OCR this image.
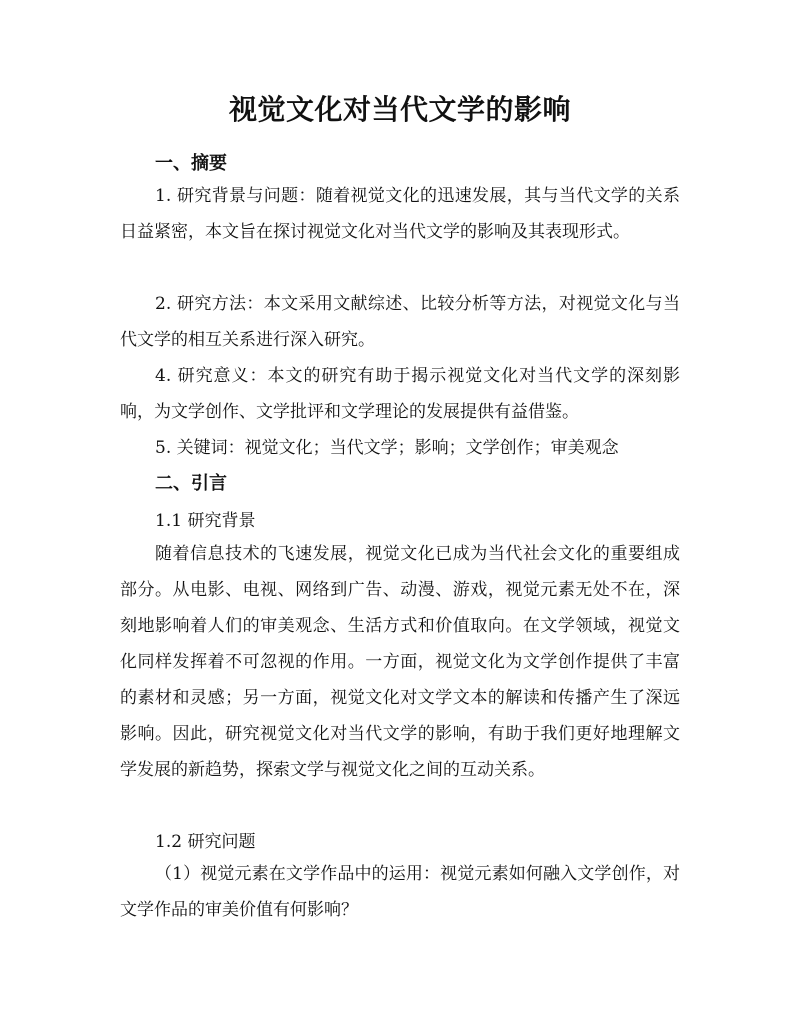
视觉文化对当代文学的影响
一、摘要

1. 研究背景与问题：随着视觉文化的迅速发展，其与当代文学的关系日益紧密，本文旨在探讨视觉文化对当代文学的影响及其表现形式。

2. 研究方法：本文采用文献综述、比较分析等方法，对视觉文化与当代文学的相互关系进行深入研究。

4. 研究意义：本文的研究有助于揭示视觉文化对当代文学的深刻影响，为文学创作、文学批评和文学理论的发展提供有益借鉴。

5. 关键词：视觉文化；当代文学；影响；文学创作；审美观念

二、引言
1.1 研究背景

随着信息技术的飞速发展，视觉文化已成为当代社会文化的重要组成部分。从电影、电视、网络到广告、动漫、游戏，视觉元素无处不在，深刻地影响着人们的审美观念、生活方式和价值取向。在文学领域，视觉文化同样发挥着不可忽视的作用。一方面，视觉文化为文学创作提供了丰富的素材和灵感；另一方面，视觉文化对文学文本的解读和传播产生了深远影响。因此，研究视觉文化对当代文学的影响，有助于我们更好地理解文学发展的新趋势，探索文学与视觉文化之间的互动关系。

1.2 研究问题

（1）视觉元素在文学作品中的运用：视觉元素如何融入文学创作，对文学作品的审美价值有何影响？
